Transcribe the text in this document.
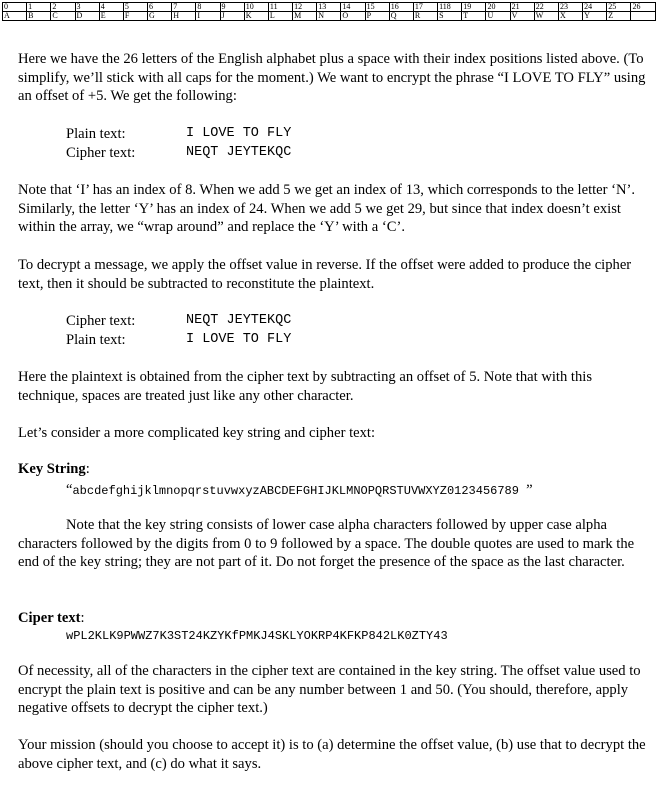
0	1	2	3	4	5	6	7	8	9	10	11	12	13	14	15	16	17	118	19	20	21	22	23	24	25	26
A	B	C	D	E	F	G	H	I	J	K	L	M	N	O	P	Q	R	S	T	U	V	W	X	Y	Z	

Here we have the 26 letters of the English alphabet plus a space with their index positions listed above. (To simplify, we’ll stick with all caps for the moment.) We want to encrypt the phrase “I LOVE TO FLY” using an offset of +5. We get the following:

Plain text:	I LOVE TO FLY
Cipher text:	NEQT JEYTEKQC

Note that ‘I’ has an index of 8. When we add 5 we get an index of 13, which corresponds to the letter ‘N’. Similarly, the letter ‘Y’ has an index of 24. When we add 5 we get 29, but since that index doesn’t exist within the array, we “wrap around” and replace the ‘Y’ with a ‘C’.

To decrypt a message, we apply the offset value in reverse. If the offset were added to produce the cipher text, then it should be subtracted to reconstitute the plaintext.

Cipher text:	NEQT JEYTEKQC
Plain text:	I LOVE TO FLY

Here the plaintext is obtained from the cipher text by subtracting an offset of 5. Note that with this technique, spaces are treated just like any other character.

Let’s consider a more complicated key string and cipher text:

Key String:
“abcdefghijklmnopqrstuvwxyzABCDEFGHIJKLMNOPQRSTUVWXYZ0123456789 ”

Note that the key string consists of lower case alpha characters followed by upper case alpha characters followed by the digits from 0 to 9 followed by a space. The double quotes are used to mark the end of the key string; they are not part of it. Do not forget the presence of the space as the last character.

Ciper text:
wPL2KLK9PWWZ7K3ST24KZYKfPMKJ4SKLYOKRP4KFKP842LK0ZTY43

Of necessity, all of the characters in the cipher text are contained in the key string. The offset value used to encrypt the plain text is positive and can be any number between 1 and 50. (You should, therefore, apply negative offsets to decrypt the cipher text.)

Your mission (should you choose to accept it) is to (a) determine the offset value, (b) use that to decrypt the above cipher text, and (c) do what it says.
